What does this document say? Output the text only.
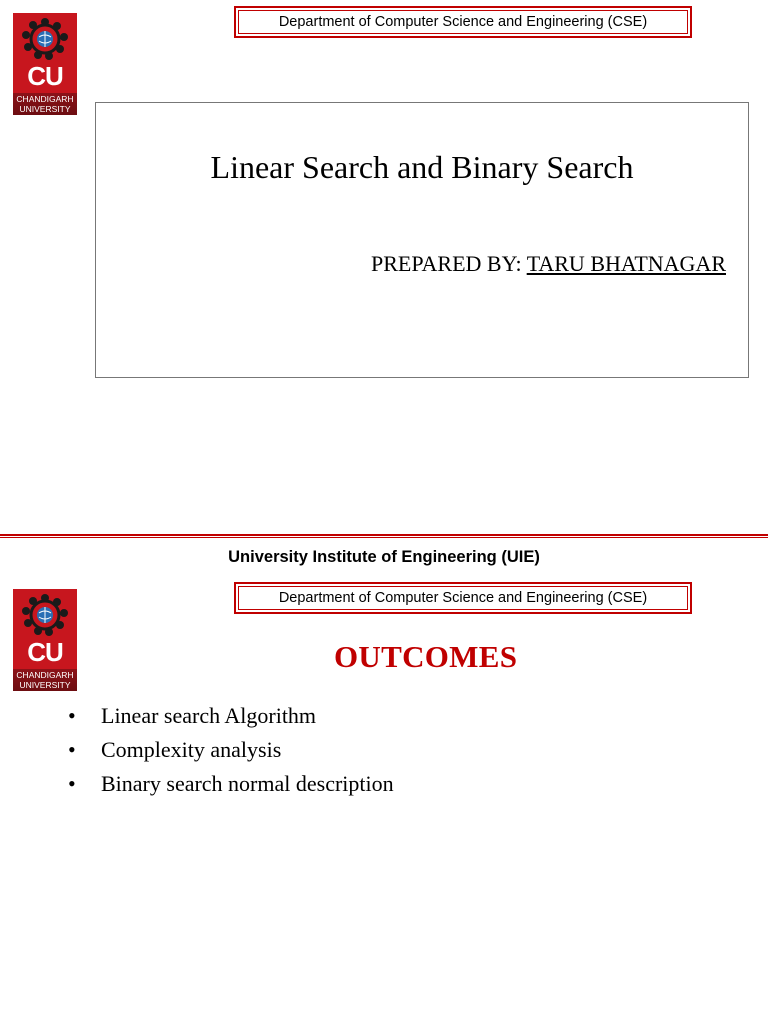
CU
CHANDIGARH
UNIVERSITY
Department of Computer Science and Engineering (CSE)
Linear Search and Binary Search
PREPARED BY: TARU BHATNAGAR
University Institute of Engineering (UIE)
CU
CHANDIGARH
UNIVERSITY
Department of Computer Science and Engineering (CSE)
OUTCOMES
•	Linear search Algorithm
•	Complexity analysis
•	Binary search normal description
